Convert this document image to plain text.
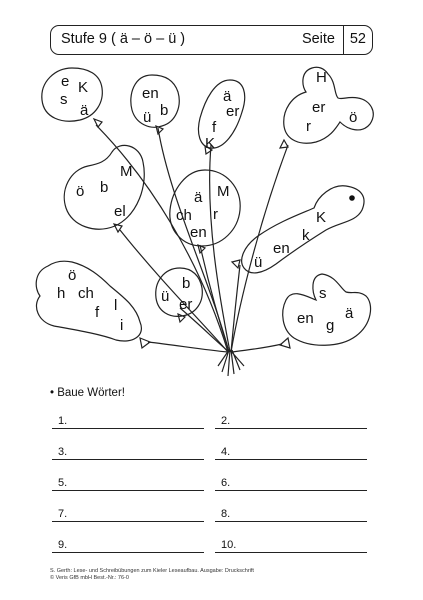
Stufe 9 ( ä – ö – ü )	Seite 52
e K
s
ä
en
b
ü
ä
er
f
K
H
er
r
ö
M
ö b
el
ä M
ch r
en
K
en
k
ü
ö
h ch
f l
i
b
ü er
s
en g
ä
• Baue Wörter!
1.	2.
3.	4.
5.	6.
7.	8.
9.	10.
S. Gerth: Lese- und Schreibübungen zum Kieler Leseaufbau. Ausgabe: Druckschrift
© Veris GfB mbH Best.-Nr.: 76-0
